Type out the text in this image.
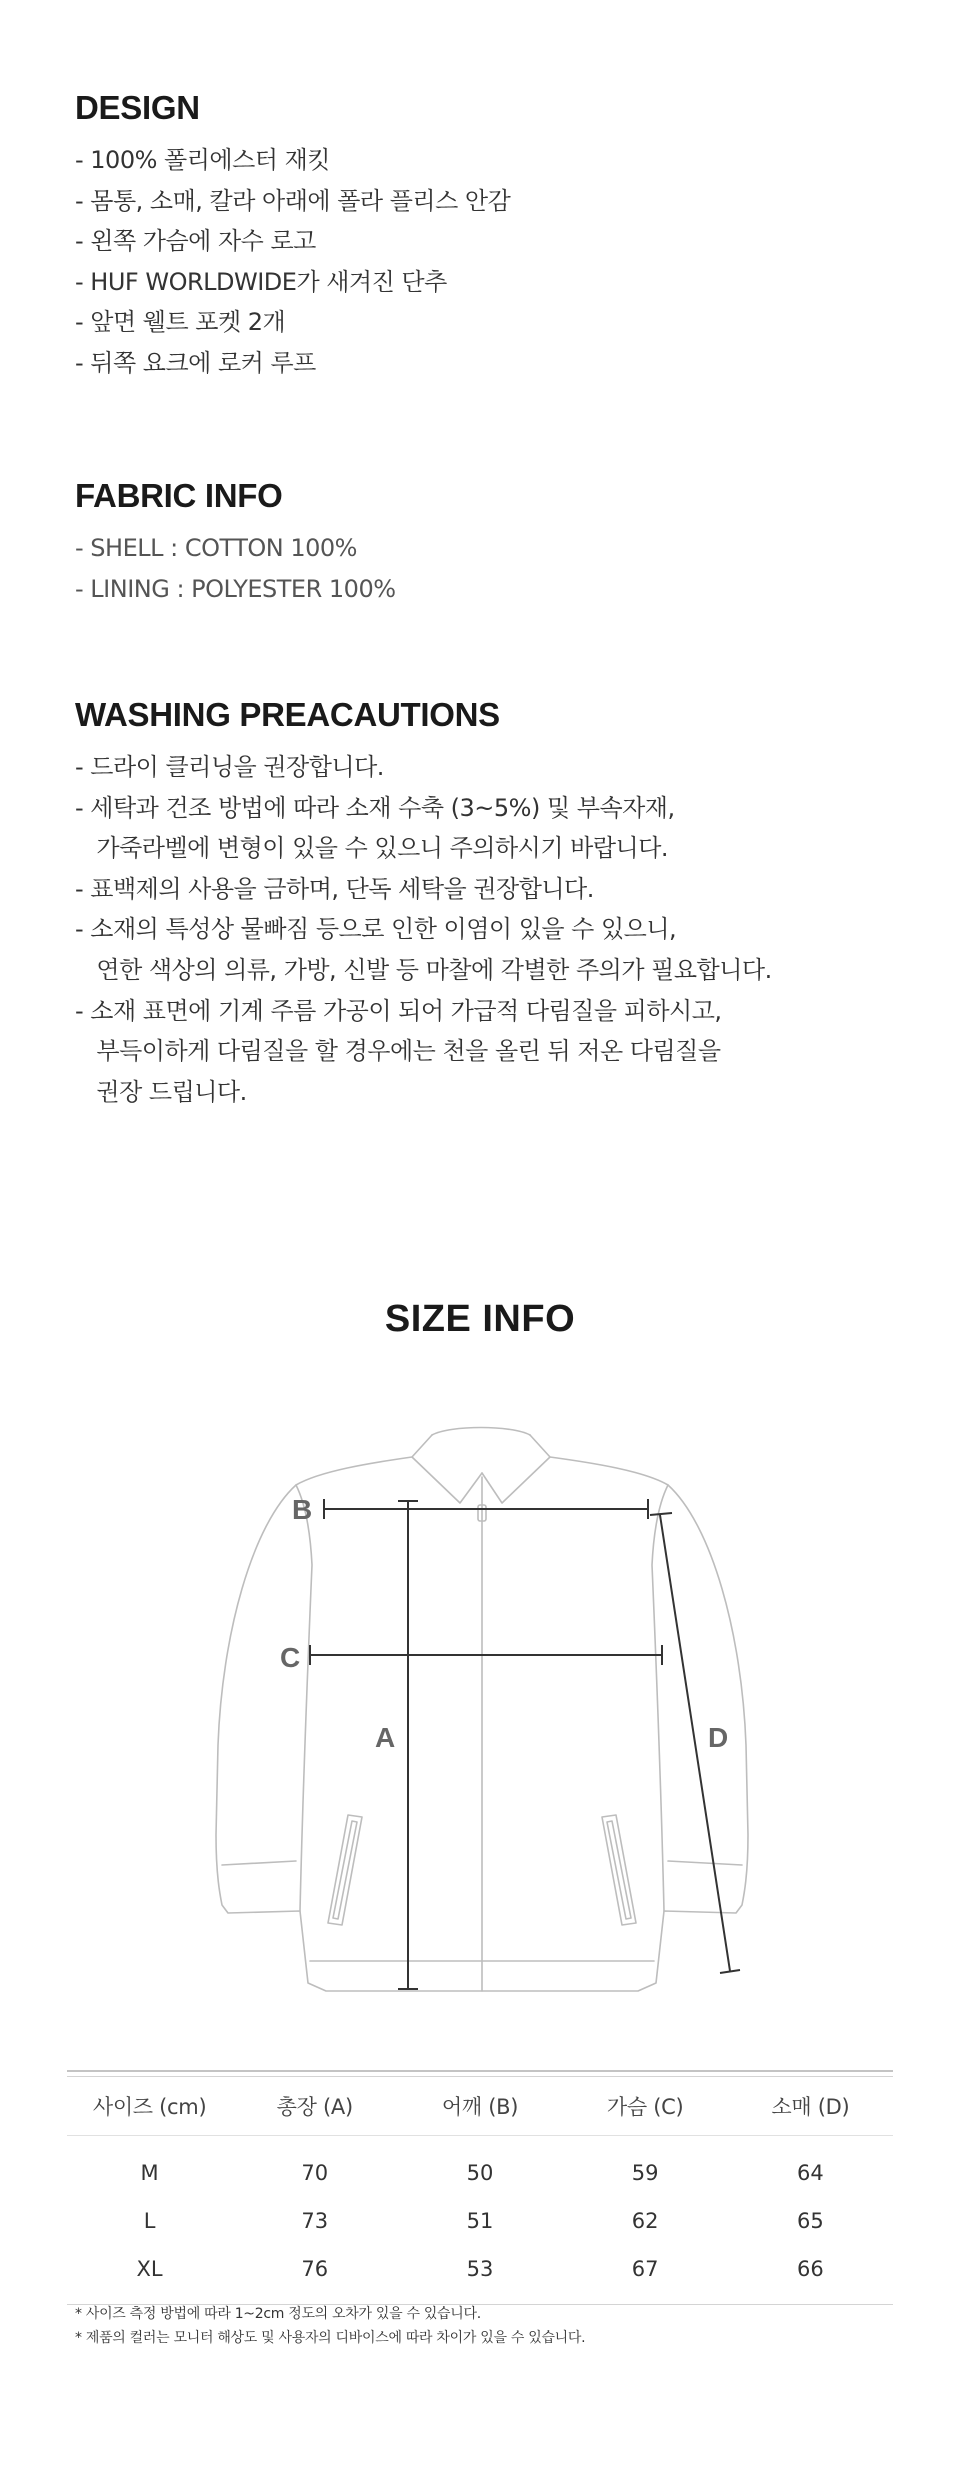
DESIGN
- 100% 폴리에스터 재킷
- 몸통, 소매, 칼라 아래에 폴라 플리스 안감
- 왼쪽 가슴에 자수 로고
- HUF WORLDWIDE가 새겨진 단추
- 앞면 웰트 포켓 2개
- 뒤쪽 요크에 로커 루프
FABRIC INFO
- SHELL : COTTON 100%
- LINING : POLYESTER 100%
WASHING PREACAUTIONS
- 드라이 클리닝을 권장합니다.
- 세탁과 건조 방법에 따라 소재 수축 (3~5%) 및 부속자재,
가죽라벨에 변형이 있을 수 있으니 주의하시기 바랍니다.
- 표백제의 사용을 금하며, 단독 세탁을 권장합니다.
- 소재의 특성상 물빠짐 등으로 인한 이염이 있을 수 있으니,
연한 색상의 의류, 가방, 신발 등 마찰에 각별한 주의가 필요합니다.
- 소재 표면에 기계 주름 가공이 되어 가급적 다림질을 피하시고,
부득이하게 다림질을 할 경우에는 천을 올린 뒤 저온 다림질을
권장 드립니다.
SIZE INFO
B
C
A	D
사이즈 (cm)	총장 (A)	어깨 (B)	가슴 (C)	소매 (D)
M	70	50	59	64
L	73	51	62	65
XL	76	53	67	66

* 사이즈 측정 방법에 따라 1~2cm 정도의 오차가 있을 수 있습니다.

* 제품의 컬러는 모니터 해상도 및 사용자의 디바이스에 따라 차이가 있을 수 있습니다.
